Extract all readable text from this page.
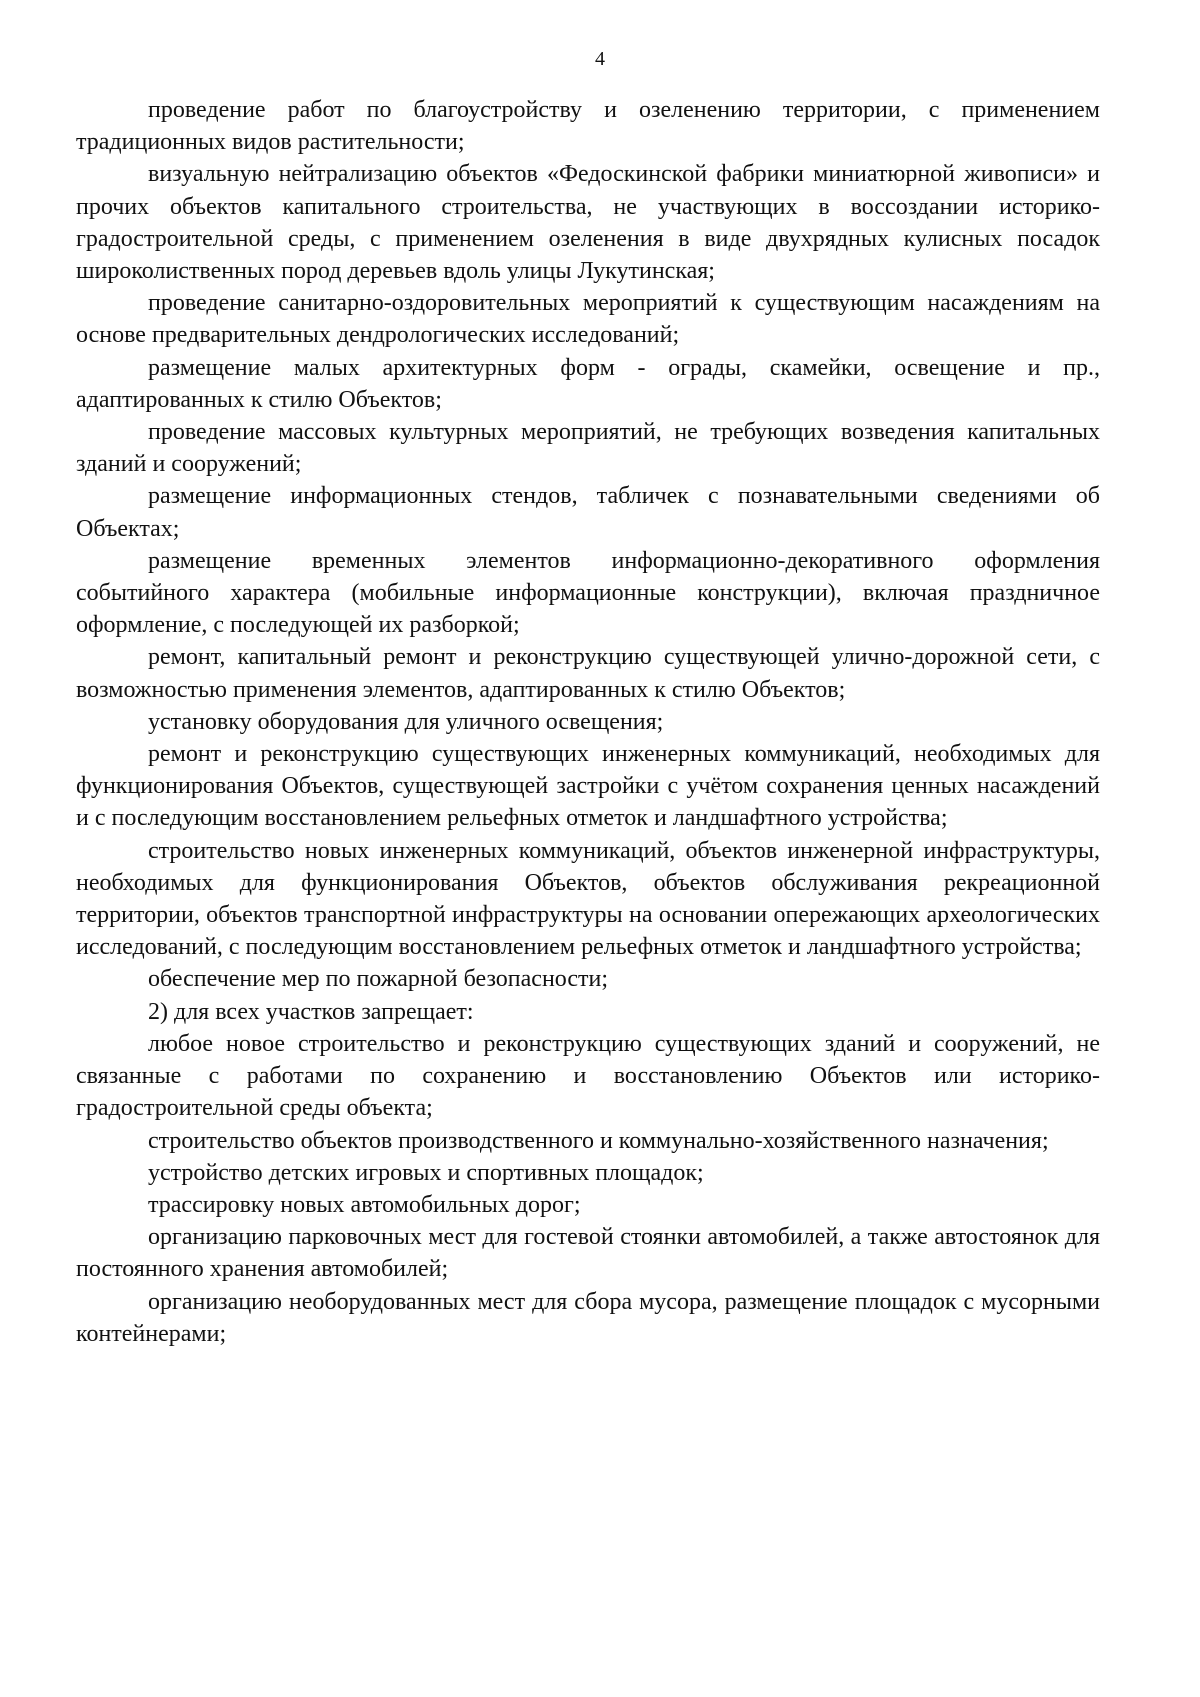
4

проведение работ по благоустройству и озеленению территории, с применением традиционных видов растительности;

визуальную нейтрализацию объектов «Федоскинской фабрики миниатюрной живописи» и прочих объектов капитального строительства, не участвующих в воссоздании историко-градостроительной среды, с применением озеленения в виде двухрядных кулисных посадок широколиственных пород деревьев вдоль улицы Лукутинская;

проведение санитарно-оздоровительных мероприятий к существующим насаждениям на основе предварительных дендрологических исследований;

размещение малых архитектурных форм - ограды, скамейки, освещение и пр., адаптированных к стилю Объектов;

проведение массовых культурных мероприятий, не требующих возведения капитальных зданий и сооружений;

размещение информационных стендов, табличек с познавательными сведениями об Объектах;

размещение временных элементов информационно-декоративного оформления событийного характера (мобильные информационные конструкции), включая праздничное оформление, с последующей их разборкой;

ремонт, капитальный ремонт и реконструкцию существующей улично-дорожной сети, с возможностью применения элементов, адаптированных к стилю Объектов;

установку оборудования для уличного освещения;

ремонт и реконструкцию существующих инженерных коммуникаций, необходимых для функционирования Объектов, существующей застройки с учётом сохранения ценных насаждений и с последующим восстановлением рельефных отметок и ландшафтного устройства;

строительство новых инженерных коммуникаций, объектов инженерной инфраструктуры, необходимых для функционирования Объектов, объектов обслуживания рекреационной территории, объектов транспортной инфраструктуры на основании опережающих археологических исследований, с последующим восстановлением рельефных отметок и ландшафтного устройства;

обеспечение мер по пожарной безопасности;

2) для всех участков запрещает:

любое новое строительство и реконструкцию существующих зданий и сооружений, не связанные с работами по сохранению и восстановлению Объектов или историко-градостроительной среды объекта;

строительство объектов производственного и коммунально-хозяйственного назначения;

устройство детских игровых и спортивных площадок;

трассировку новых автомобильных дорог;

организацию парковочных мест для гостевой стоянки автомобилей, а также автостоянок для постоянного хранения автомобилей;

организацию необорудованных мест для сбора мусора, размещение площадок с мусорными контейнерами;
